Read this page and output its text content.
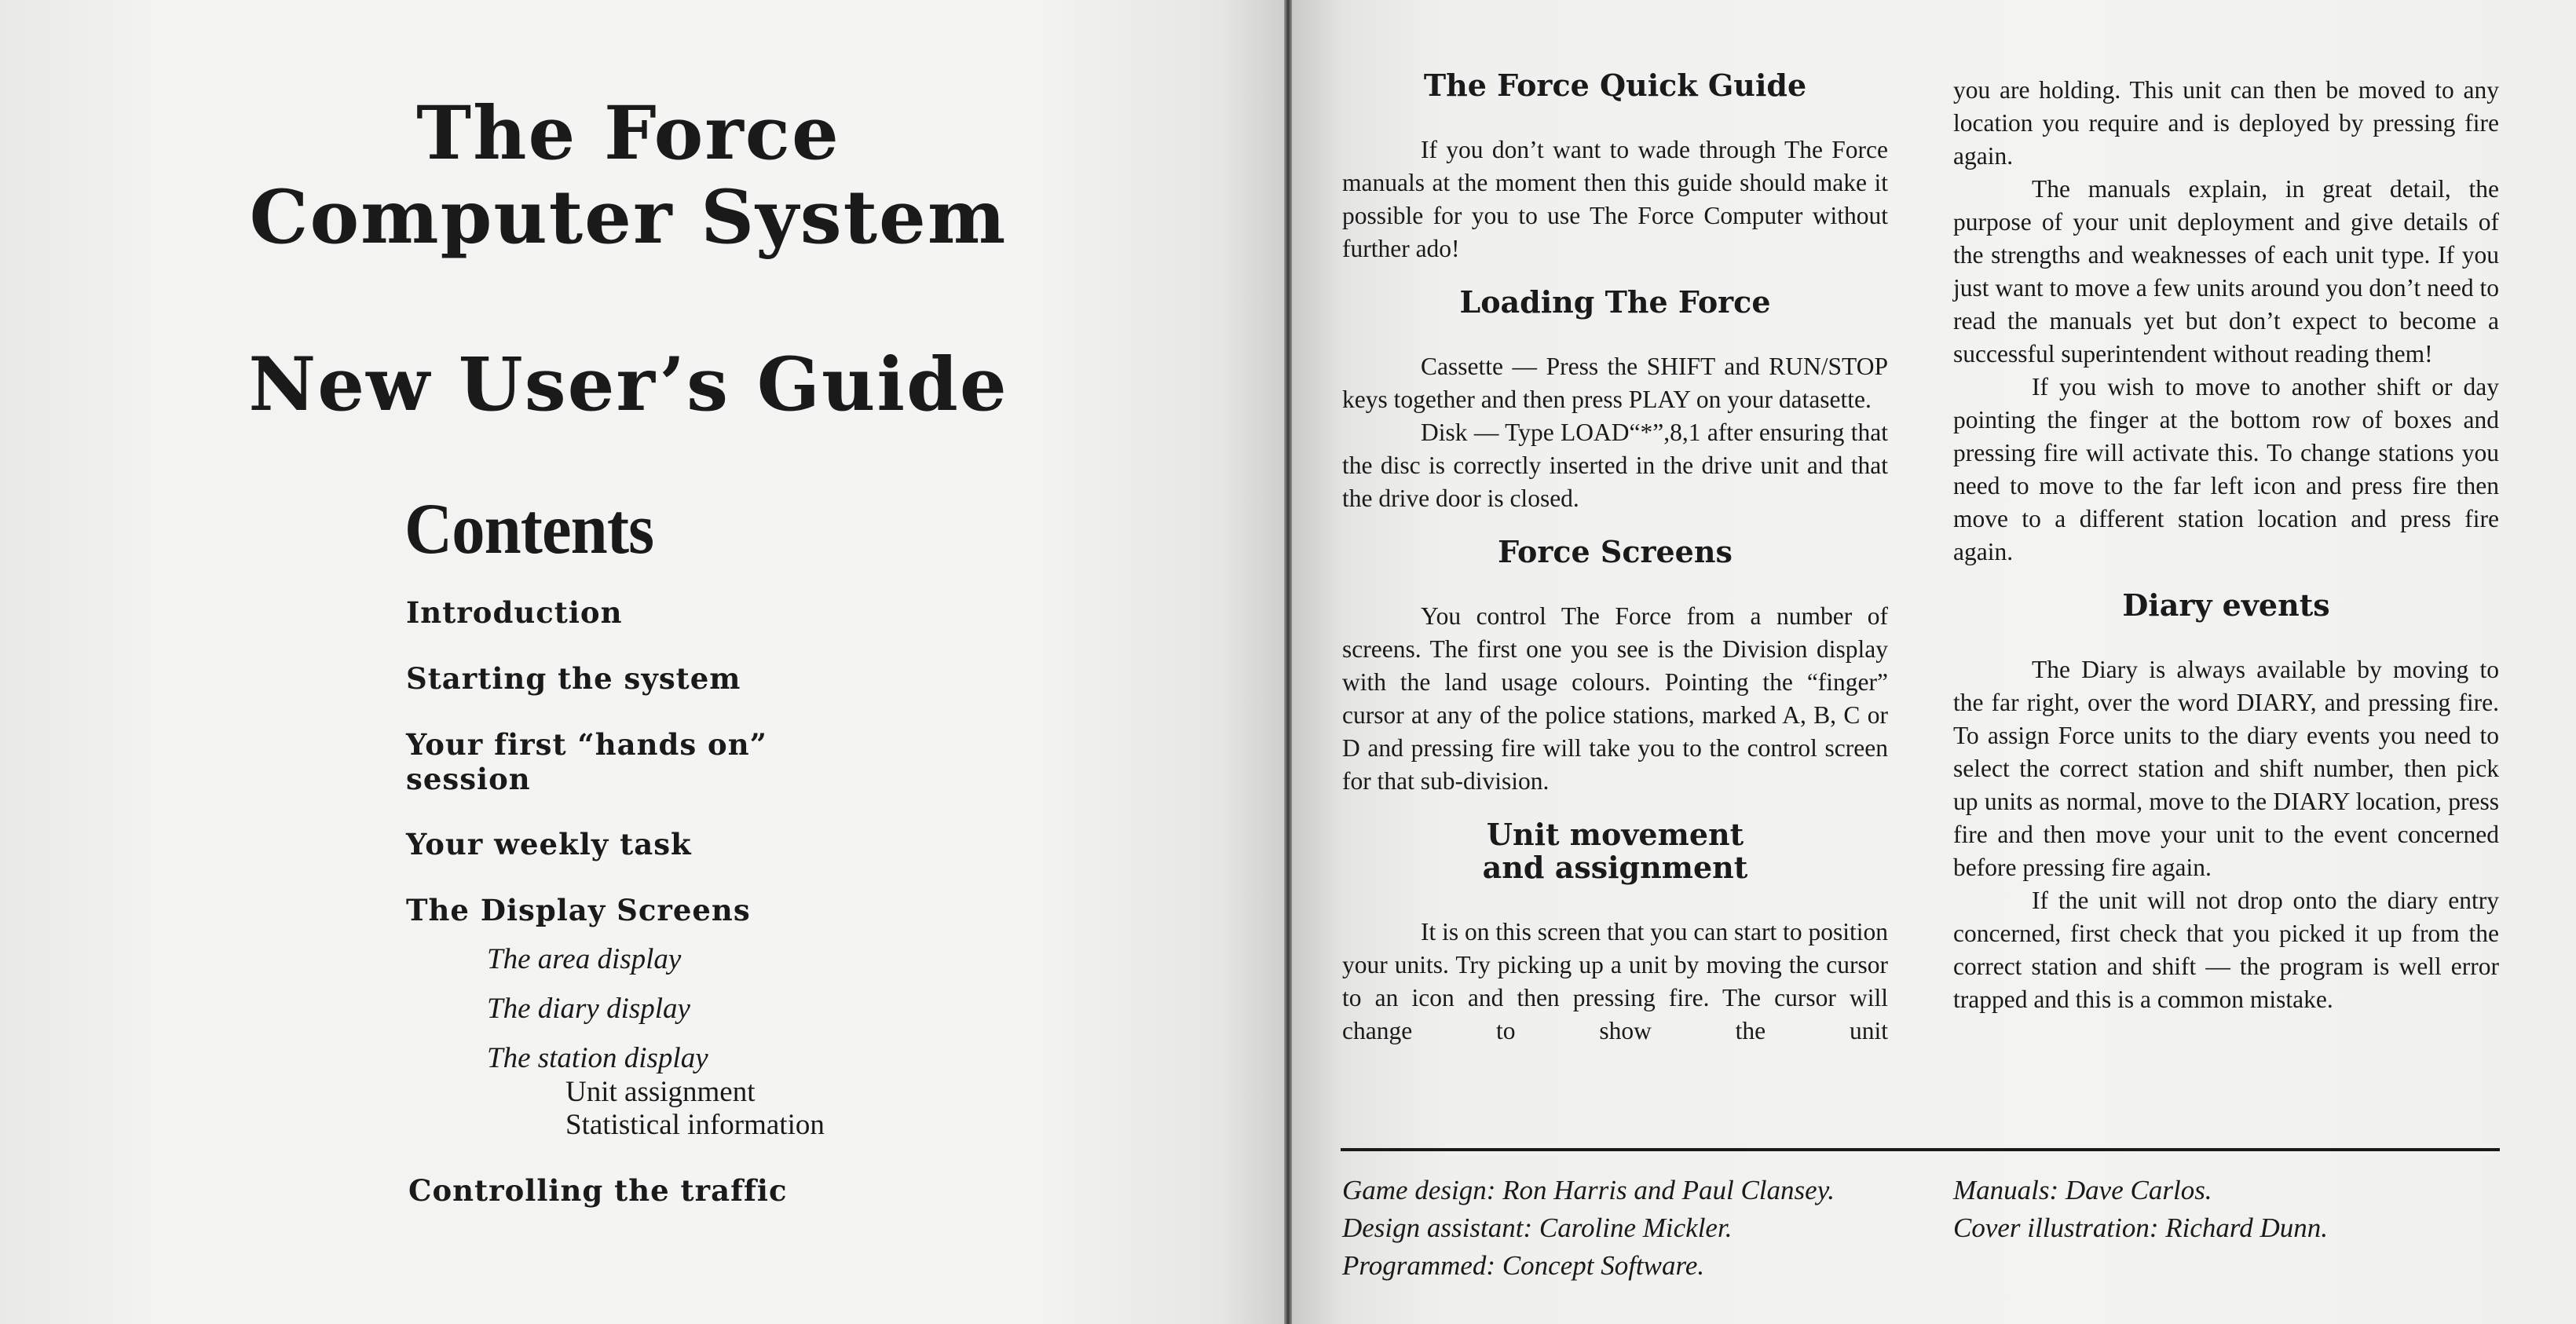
The Force
Computer System
New User’s Guide
Contents
Introduction
Starting the system
Your first “hands on”
session
Your weekly task
The Display Screens
The area display
The diary display
The station display
Unit assignment
Statistical information
Controlling the traffic
The Force Quick Guide

If you don’t want to wade through The Force manuals at the moment then this guide should make it possible for you to use The Force Computer without further ado!

Loading The Force

Cassette — Press the SHIFT and RUN/STOP keys together and then press PLAY on your datasette.

Disk — Type LOAD“*”,8,1 after ensuring that the disc is correctly inserted in the drive unit and that the drive door is closed.

Force Screens

You control The Force from a number of screens. The first one you see is the Division display with the land usage colours. Pointing the “finger” cursor at any of the police stations, marked A, B, C or D and pressing fire will take you to the control screen for that sub-division.

Unit movement
and assignment

It is on this screen that you can start to position your units. Try picking up a unit by moving the cursor to an icon and then pressing fire. The cursor will change to show the unit

you are holding. This unit can then be moved to any location you require and is deployed by pressing fire again.

The manuals explain, in great detail, the purpose of your unit deployment and give details of the strengths and weaknesses of each unit type. If you just want to move a few units around you don’t need to read the manuals yet but don’t expect to become a successful superintendent without reading them!

If you wish to move to another shift or day pointing the finger at the bottom row of boxes and pressing fire will activate this. To change stations you need to move to the far left icon and press fire then move to a different station location and press fire again.

Diary events

The Diary is always available by moving to the far right, over the word DIARY, and pressing fire. To assign Force units to the diary events you need to select the correct station and shift number, then pick up units as normal, move to the DIARY location, press fire and then move your unit to the event concerned before pressing fire again.

If the unit will not drop onto the diary entry concerned, first check that you picked it up from the correct station and shift — the program is well error trapped and this is a common mistake.

Game design: Ron Harris and Paul Clansey.
Design assistant: Caroline Mickler.
Programmed: Concept Software.
Manuals: Dave Carlos.
Cover illustration: Richard Dunn.
